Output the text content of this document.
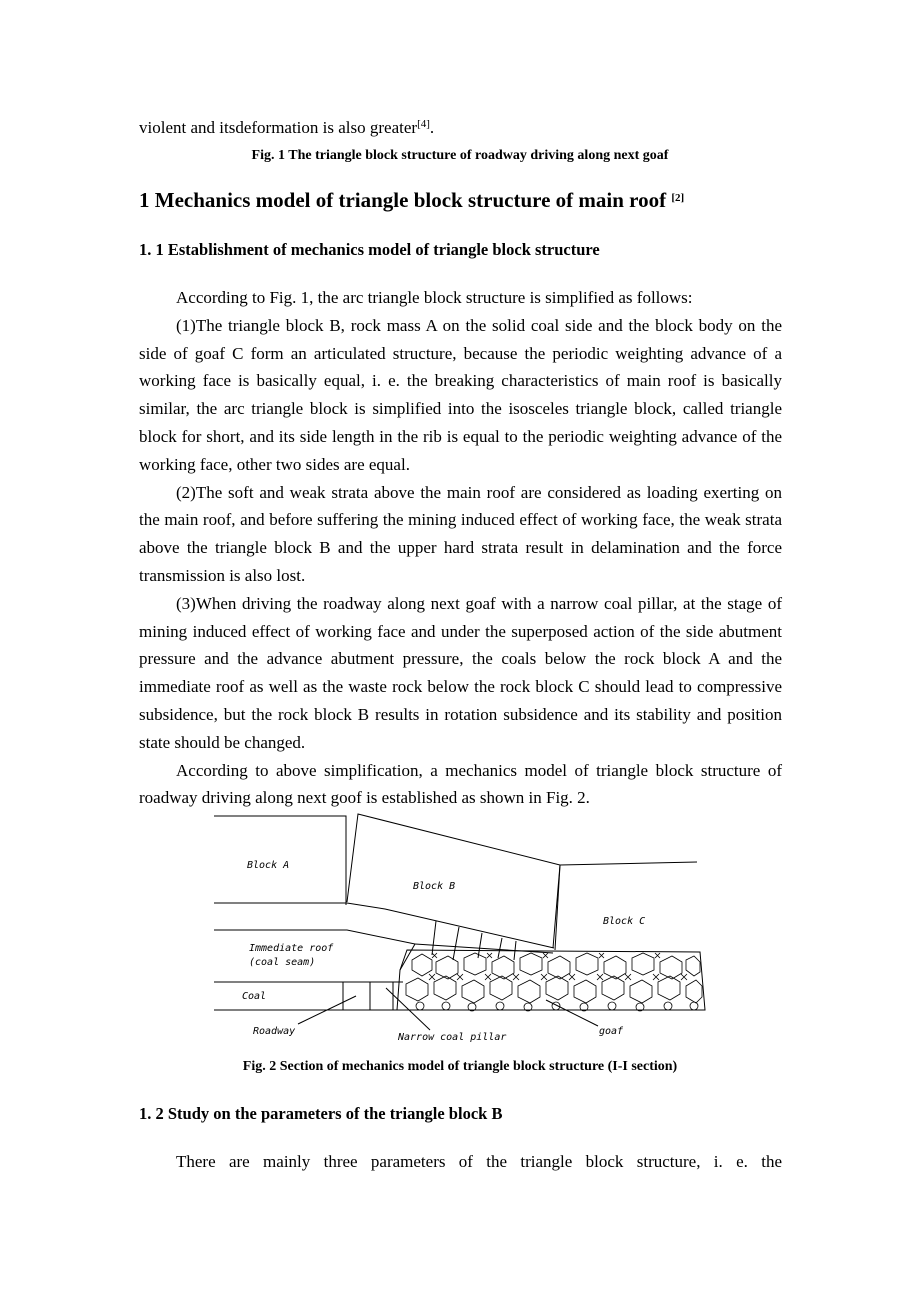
violent and itsdeformation is also greater[4].
Fig. 1 The triangle block structure of roadway driving along next goaf
1 Mechanics model of triangle block structure of main roof [2]
1. 1 Establishment of mechanics model of triangle block structure

According to Fig. 1, the arc triangle block structure is simplified as follows:

(1)The triangle block B, rock mass A on the solid coal side and the block body on the side of goaf C form an articulated structure, because the periodic weighting advance of a working face is basically equal, i. e. the breaking characteristics of main roof is basically similar, the arc triangle block is simplified into the isosceles triangle block, called triangle block for short, and its side length in the rib is equal to the periodic weighting advance of the working face, other two sides are equal.

(2)The soft and weak strata above the main roof are considered as loading exerting on the main roof, and before suffering the mining induced effect of working face, the weak strata above the triangle block B and the upper hard strata result in delamination and the force transmission is also lost.

(3)When driving the roadway along next goaf with a narrow coal pillar, at the stage of mining induced effect of working face and under the superposed action of the side abutment pressure and the advance abutment pressure, the coals below the rock block A and the immediate roof as well as the waste rock below the rock block C should lead to compressive subsidence, but the rock block B results in rotation subsidence and its stability and position state should be changed.

According to above simplification, a mechanics model of triangle block structure of roadway driving along next goof is established as shown in Fig. 2.

Block A
Block B
Block C
Immediate roof
(coal seam)
Coal
Roadway
Narrow coal pillar
goaf
Fig. 2 Section of mechanics model of triangle block structure (I-I section)
1. 2 Study on the parameters of the triangle block B

There are mainly three parameters of the triangle block structure, i. e. the
